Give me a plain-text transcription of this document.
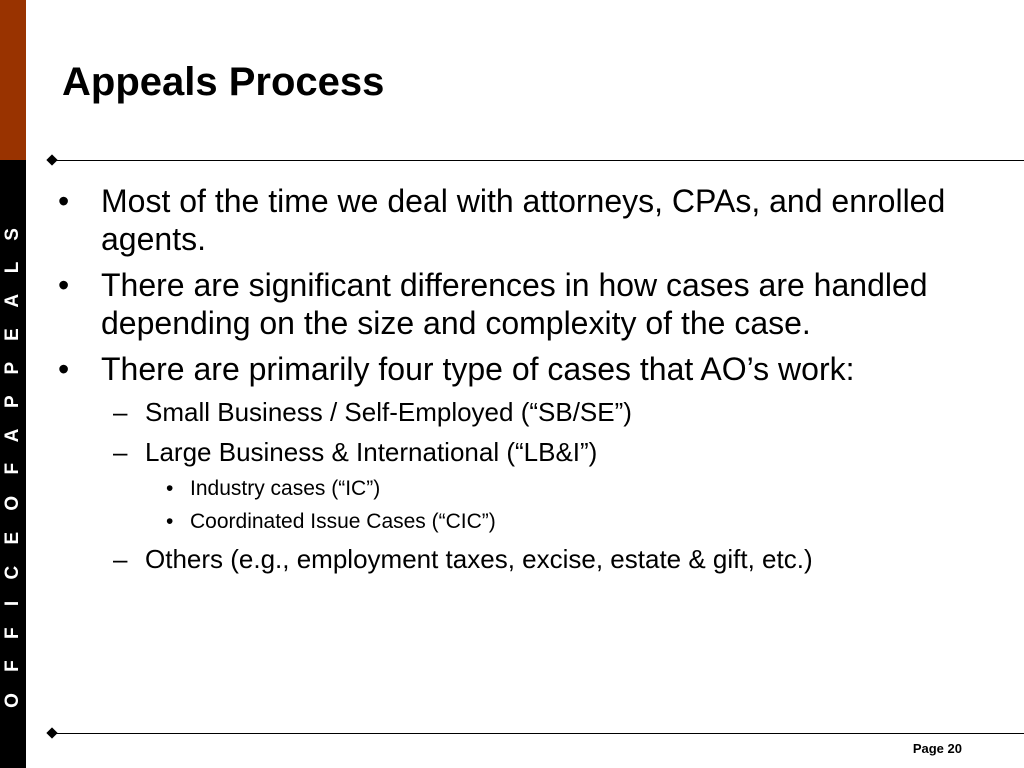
O F F I C E O F A P P E A L S
Appeals Process
• Most of the time we deal with attorneys, CPAs, and enrolled agents.
• There are significant differences in how cases are handled depending on the size and complexity of the case.
• There are primarily four type of cases that AO’s work:
– Small Business / Self-Employed (“SB/SE”)
– Large Business & International (“LB&I”)
• Industry cases (“IC”)
• Coordinated Issue Cases (“CIC”)
– Others (e.g., employment taxes, excise, estate & gift, etc.)
Page 20
